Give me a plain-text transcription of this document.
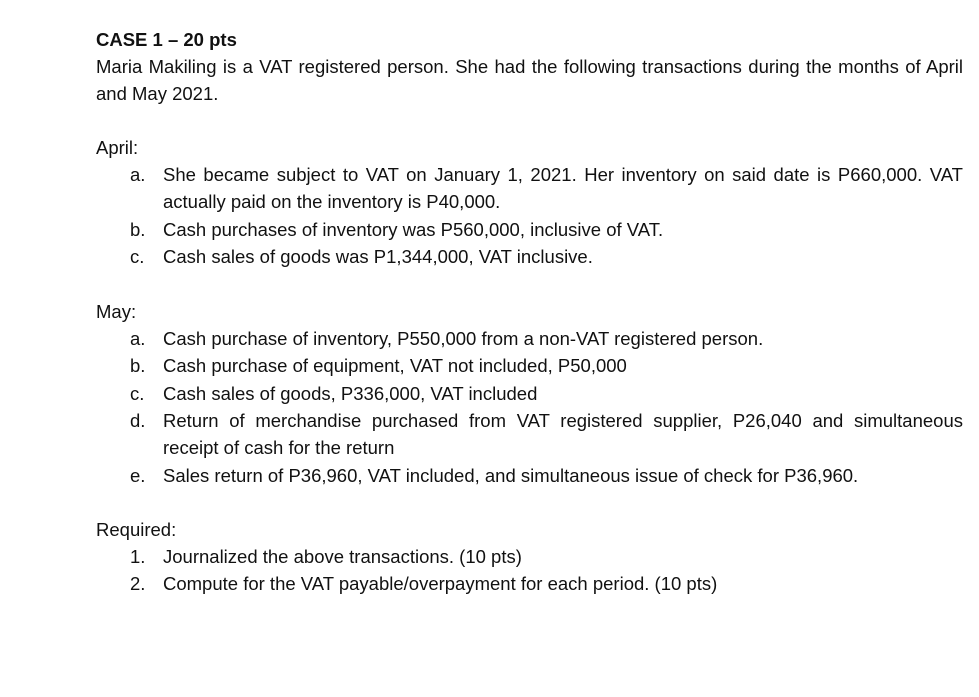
CASE 1 – 20 pts
Maria Makiling is a VAT registered person. She had the following transactions during the months of April and May 2021.
April:
a. She became subject to VAT on January 1, 2021. Her inventory on said date is P660,000. VAT actually paid on the inventory is P40,000.
b. Cash purchases of inventory was P560,000, inclusive of VAT.
c.	Cash sales of goods was P1,344,000, VAT inclusive.
May:
a. Cash purchase of inventory, P550,000 from a non-VAT registered person.
b. Cash purchase of equipment, VAT not included, P50,000
c.	Cash sales of goods, P336,000, VAT included
d. Return of merchandise purchased from VAT registered supplier, P26,040 and simultaneous receipt of cash for the return
e. Sales return of P36,960, VAT included, and simultaneous issue of check for P36,960.
Required:
1. Journalized the above transactions. (10 pts)
2. Compute for the VAT payable/overpayment for each period. (10 pts)
